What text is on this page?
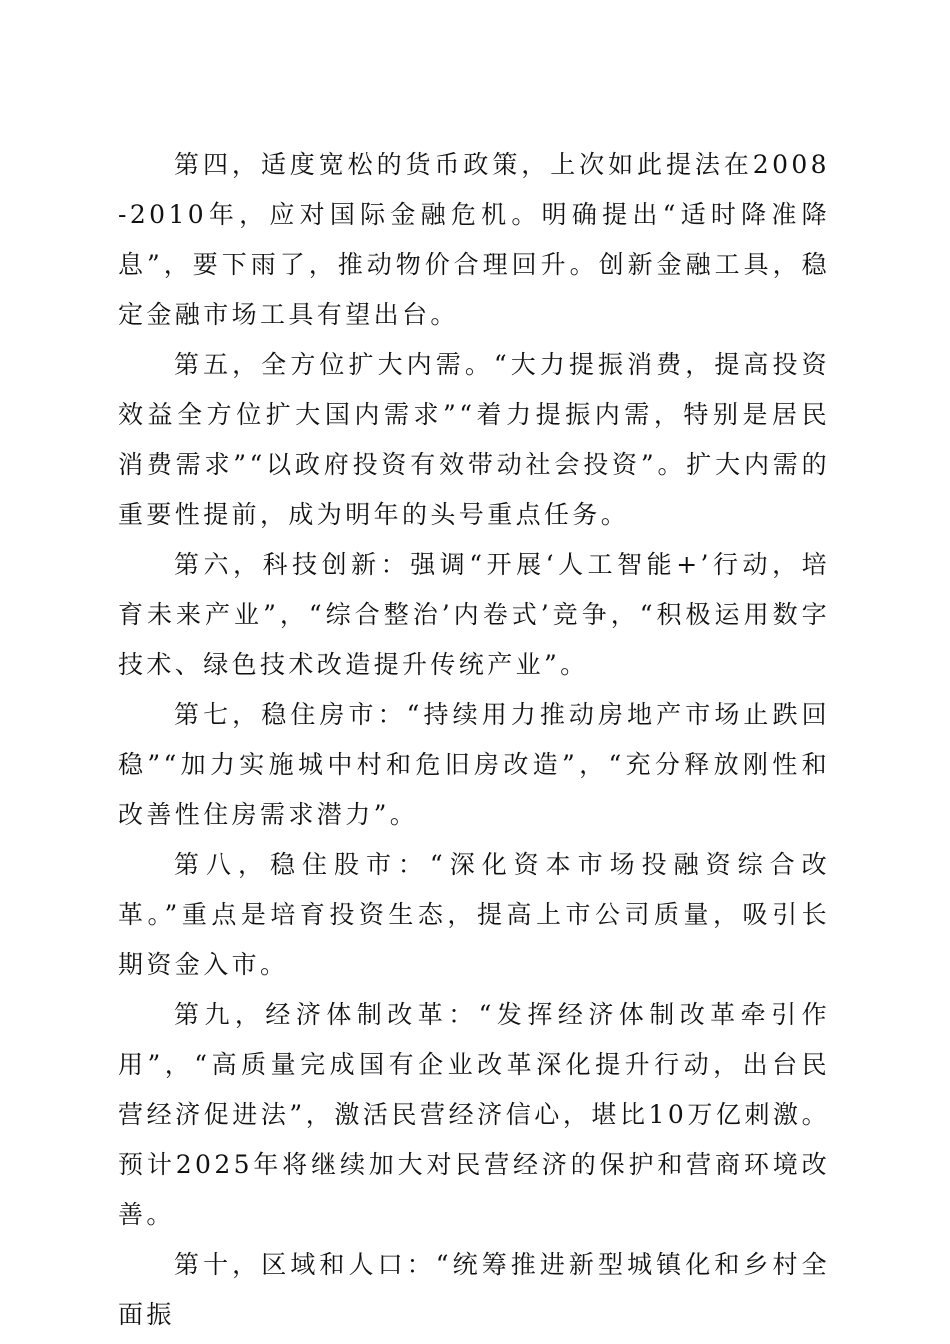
第四，适度宽松的货币政策，上次如此提法在2008-2010年，应对国际金融危机。明确提出“适时降准降息”，要下雨了，推动物价合理回升。创新金融工具，稳定金融市场工具有望出台。

第五，全方位扩大内需。“大力提振消费，提高投资效益全方位扩大国内需求”“着力提振内需，特别是居民消费需求”“以政府投资有效带动社会投资”。扩大内需的重要性提前，成为明年的头号重点任务。

第六，科技创新：强调“开展‘人工智能+’行动，培育未来产业”，“综合整治’内卷式’竞争，“积极运用数字技术、绿色技术改造提升传统产业”。

第七，稳住房市：“持续用力推动房地产市场止跌回稳”“加力实施城中村和危旧房改造”，“充分释放刚性和改善性住房需求潜力”。

第八，稳住股市：“深化资本市场投融资综合改革。”重点是培育投资生态，提高上市公司质量，吸引长期资金入市。

第九，经济体制改革：“发挥经济体制改革牵引作用”，“高质量完成国有企业改革深化提升行动，出台民营经济促进法”，激活民营经济信心，堪比10万亿刺激。预计2025年将继续加大对民营经济的保护和营商环境改善。

第十，区域和人口：“统筹推进新型城镇化和乡村全面振
